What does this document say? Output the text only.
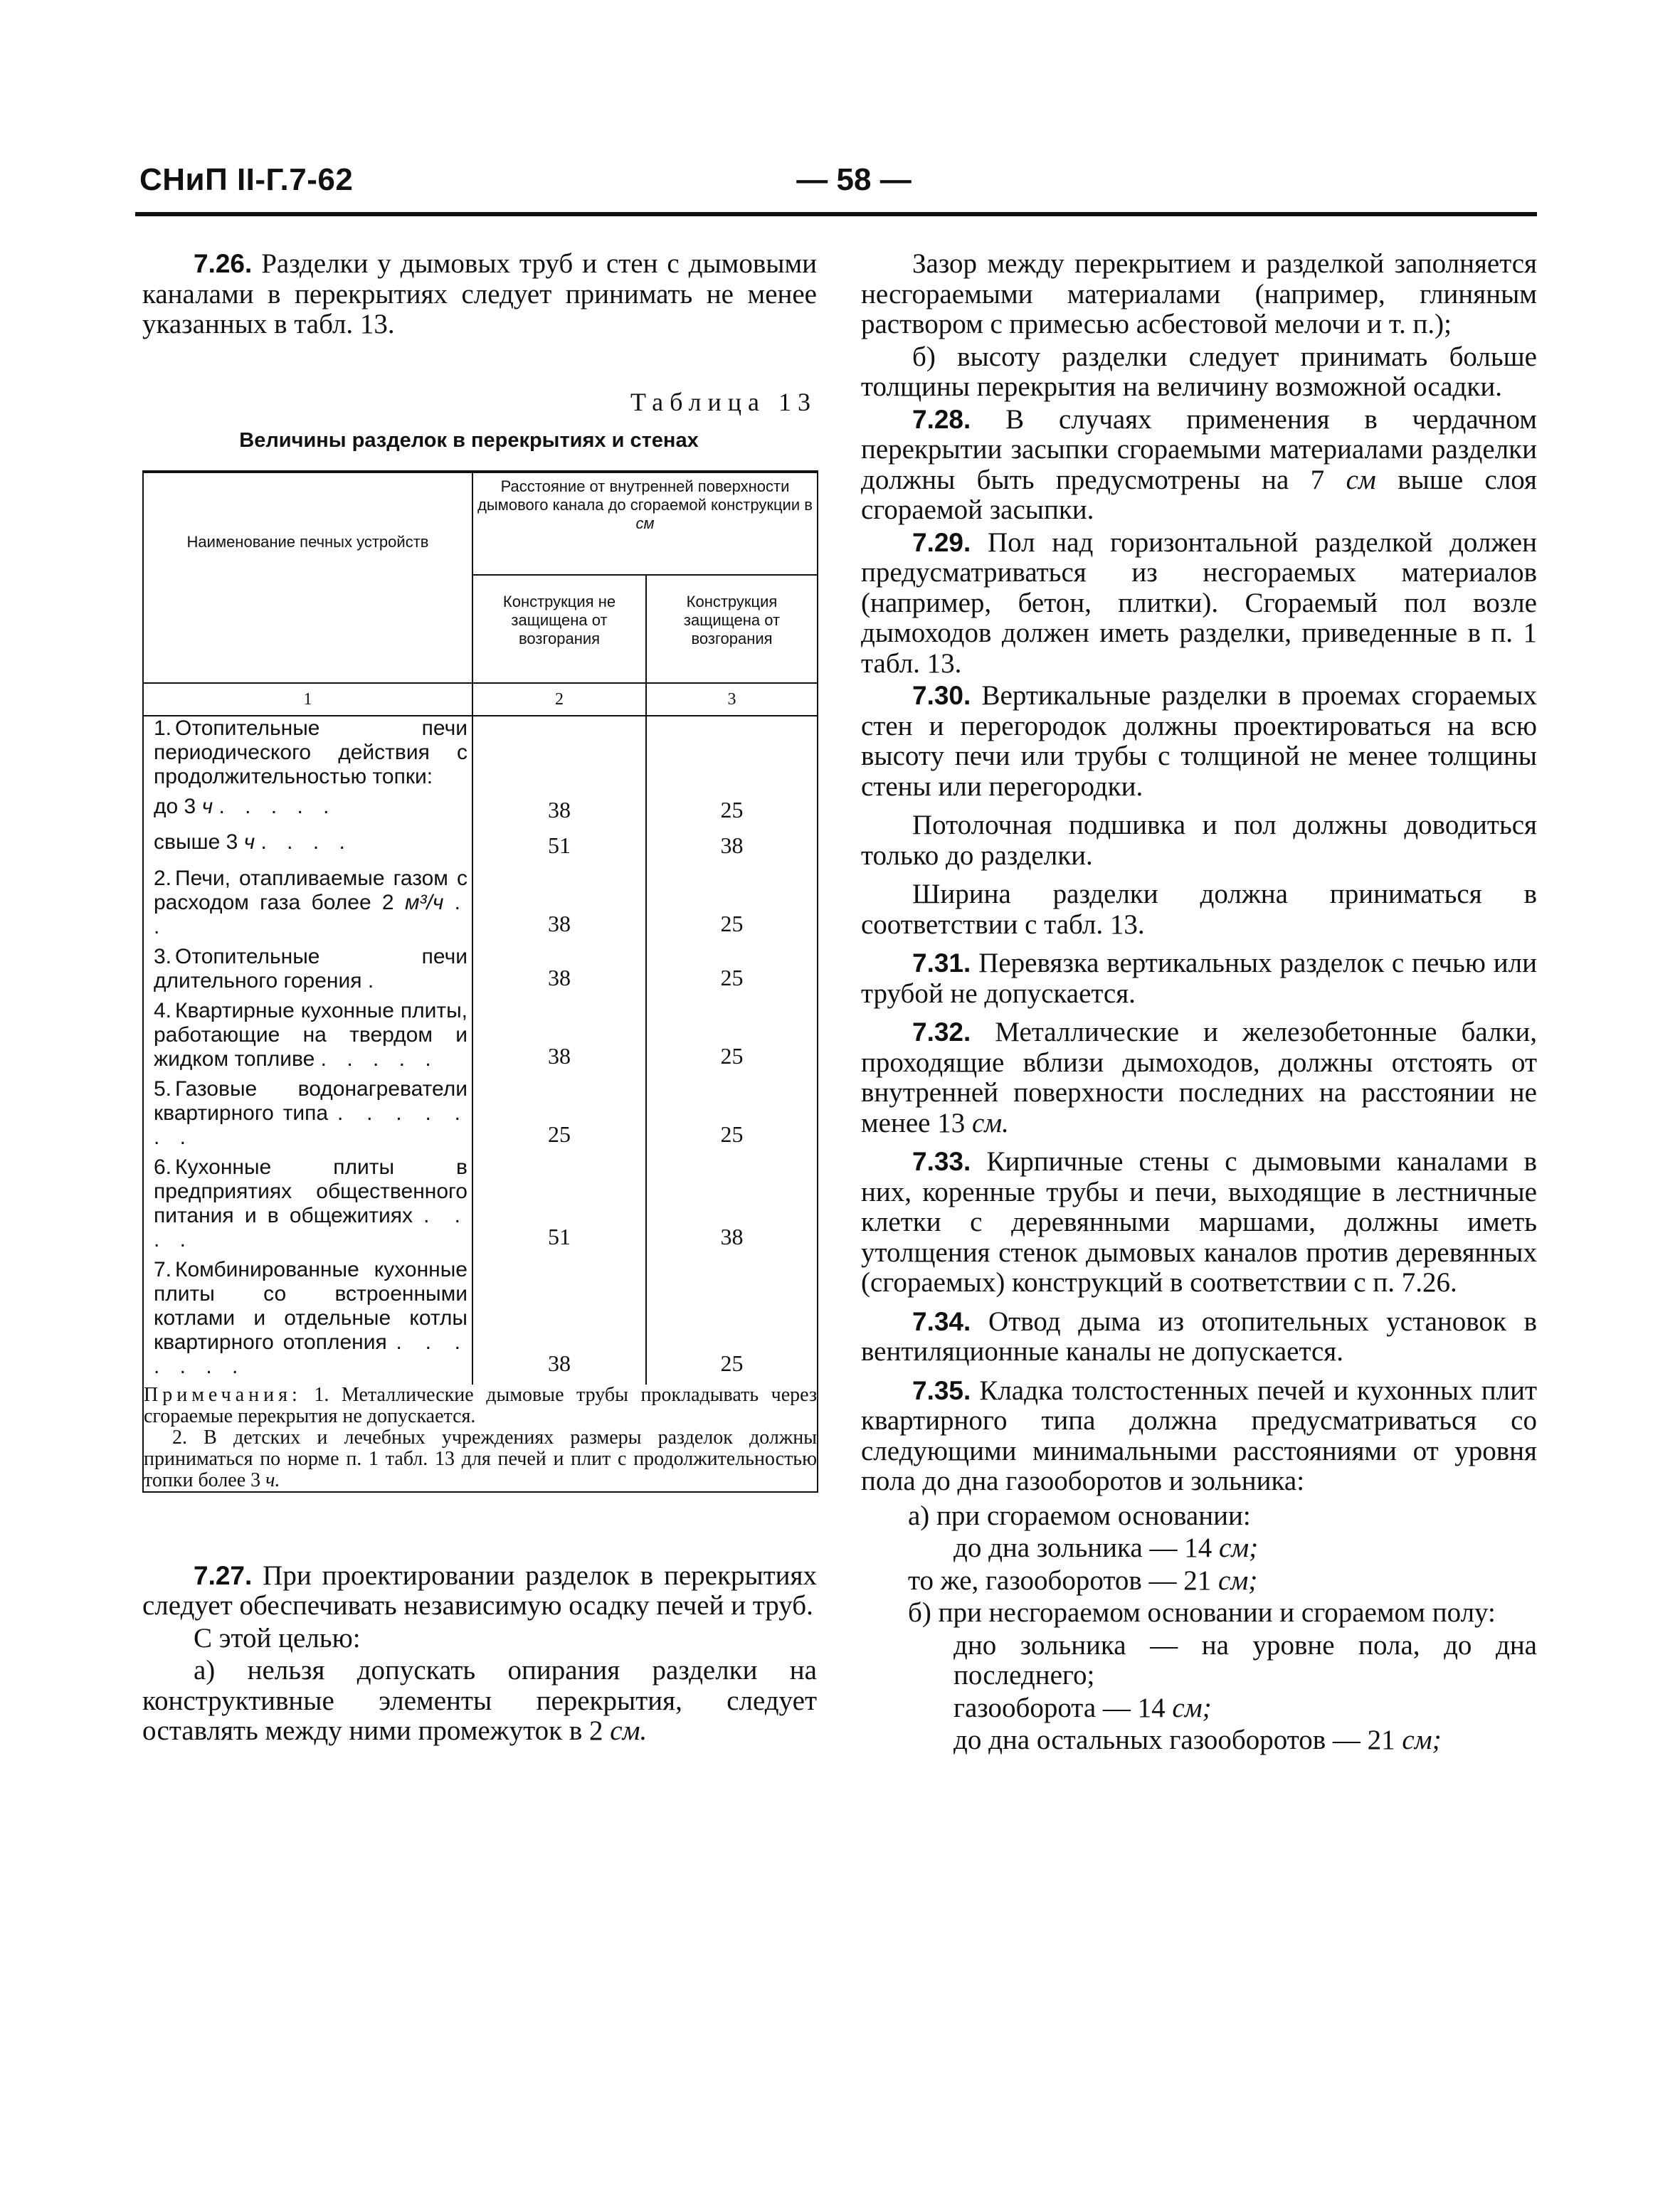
СНиП II-Г.7-62	— 58 —

7.26. Разделки у дымовых труб и стен с дымовыми каналами в перекрытиях следует принимать не менее указанных в табл. 13.

Таблица 13
Величины разделок в перекрытиях и стенах
Наименование печных устройств	Расстояние от внутренней поверхности дымового канала до сгораемой конструкции в см	
	Конструкция не защищена от возгорания	Конструкция защищена от возгорания
1	2	3
1. Отопительные печи периодического действия с продолжительностью топки:		
до 3 ч . . . . .	38	25
свыше 3 ч . . . .	51	38
2. Печи, отапливаемые газом с расходом газа более 2 м³/ч . .	38	25
3. Отопительные печи длительного горения .	38	25
4. Квартирные кухонные плиты, работающие на твердом и жидком топливе . . . . .	38	25
5. Газовые водонагреватели квартирного типа . . . . . . .	25	25
6. Кухонные плиты в предприятиях общественного питания и в общежитиях . . . .	51	38
7. Комбинированные кухонные плиты со встроенными котлами и отдельные котлы квартирного отопления . . . . . . .	38	25

Примечания: 1. Металлические дымовые трубы прокладывать через сгораемые перекрытия не допускается.

2. В детских и лечебных учреждениях размеры разделок должны приниматься по норме п. 1 табл. 13 для печей и плит с продолжительностью топки более 3 ч.		

7.27. При проектировании разделок в перекрытиях следует обеспечивать независимую осадку печей и труб.

С этой целью:

а) нельзя допускать опирания разделки на конструктивные элементы перекрытия, следует оставлять между ними промежуток в 2 см.

Зазор между перекрытием и разделкой заполняется несгораемыми материалами (например, глиняным раствором с примесью асбестовой мелочи и т. п.);

б) высоту разделки следует принимать больше толщины перекрытия на величину возможной осадки.

7.28. В случаях применения в чердачном перекрытии засыпки сгораемыми материалами разделки должны быть предусмотрены на 7 см выше слоя сгораемой засыпки.

7.29. Пол над горизонтальной разделкой должен предусматриваться из несгораемых материалов (например, бетон, плитки). Сгораемый пол возле дымоходов должен иметь разделки, приведенные в п. 1 табл. 13.

7.30. Вертикальные разделки в проемах сгораемых стен и перегородок должны проектироваться на всю высоту печи или трубы с толщиной не менее толщины стены или перегородки.

Потолочная подшивка и пол должны доводиться только до разделки.

Ширина разделки должна приниматься в соответствии с табл. 13.

7.31. Перевязка вертикальных разделок с печью или трубой не допускается.

7.32. Металлические и железобетонные балки, проходящие вблизи дымоходов, должны отстоять от внутренней поверхности последних на расстоянии не менее 13 см.

7.33. Кирпичные стены с дымовыми каналами в них, коренные трубы и печи, выходящие в лестничные клетки с деревянными маршами, должны иметь утолщения стенок дымовых каналов против деревянных (сгораемых) конструкций в соответствии с п. 7.26.

7.34. Отвод дыма из отопительных установок в вентиляционные каналы не допускается.

7.35. Кладка толстостенных печей и кухонных плит квартирного типа должна предусматриваться со следующими минимальными расстояниями от уровня пола до дна газооборотов и зольника:

а) при сгораемом основании:

до дна зольника — 14 см;

то же, газооборотов — 21 см;

б) при несгораемом основании и сгораемом полу:

дно зольника — на уровне пола, до дна последнего;

газооборота — 14 см;

до дна остальных газооборотов — 21 см;
